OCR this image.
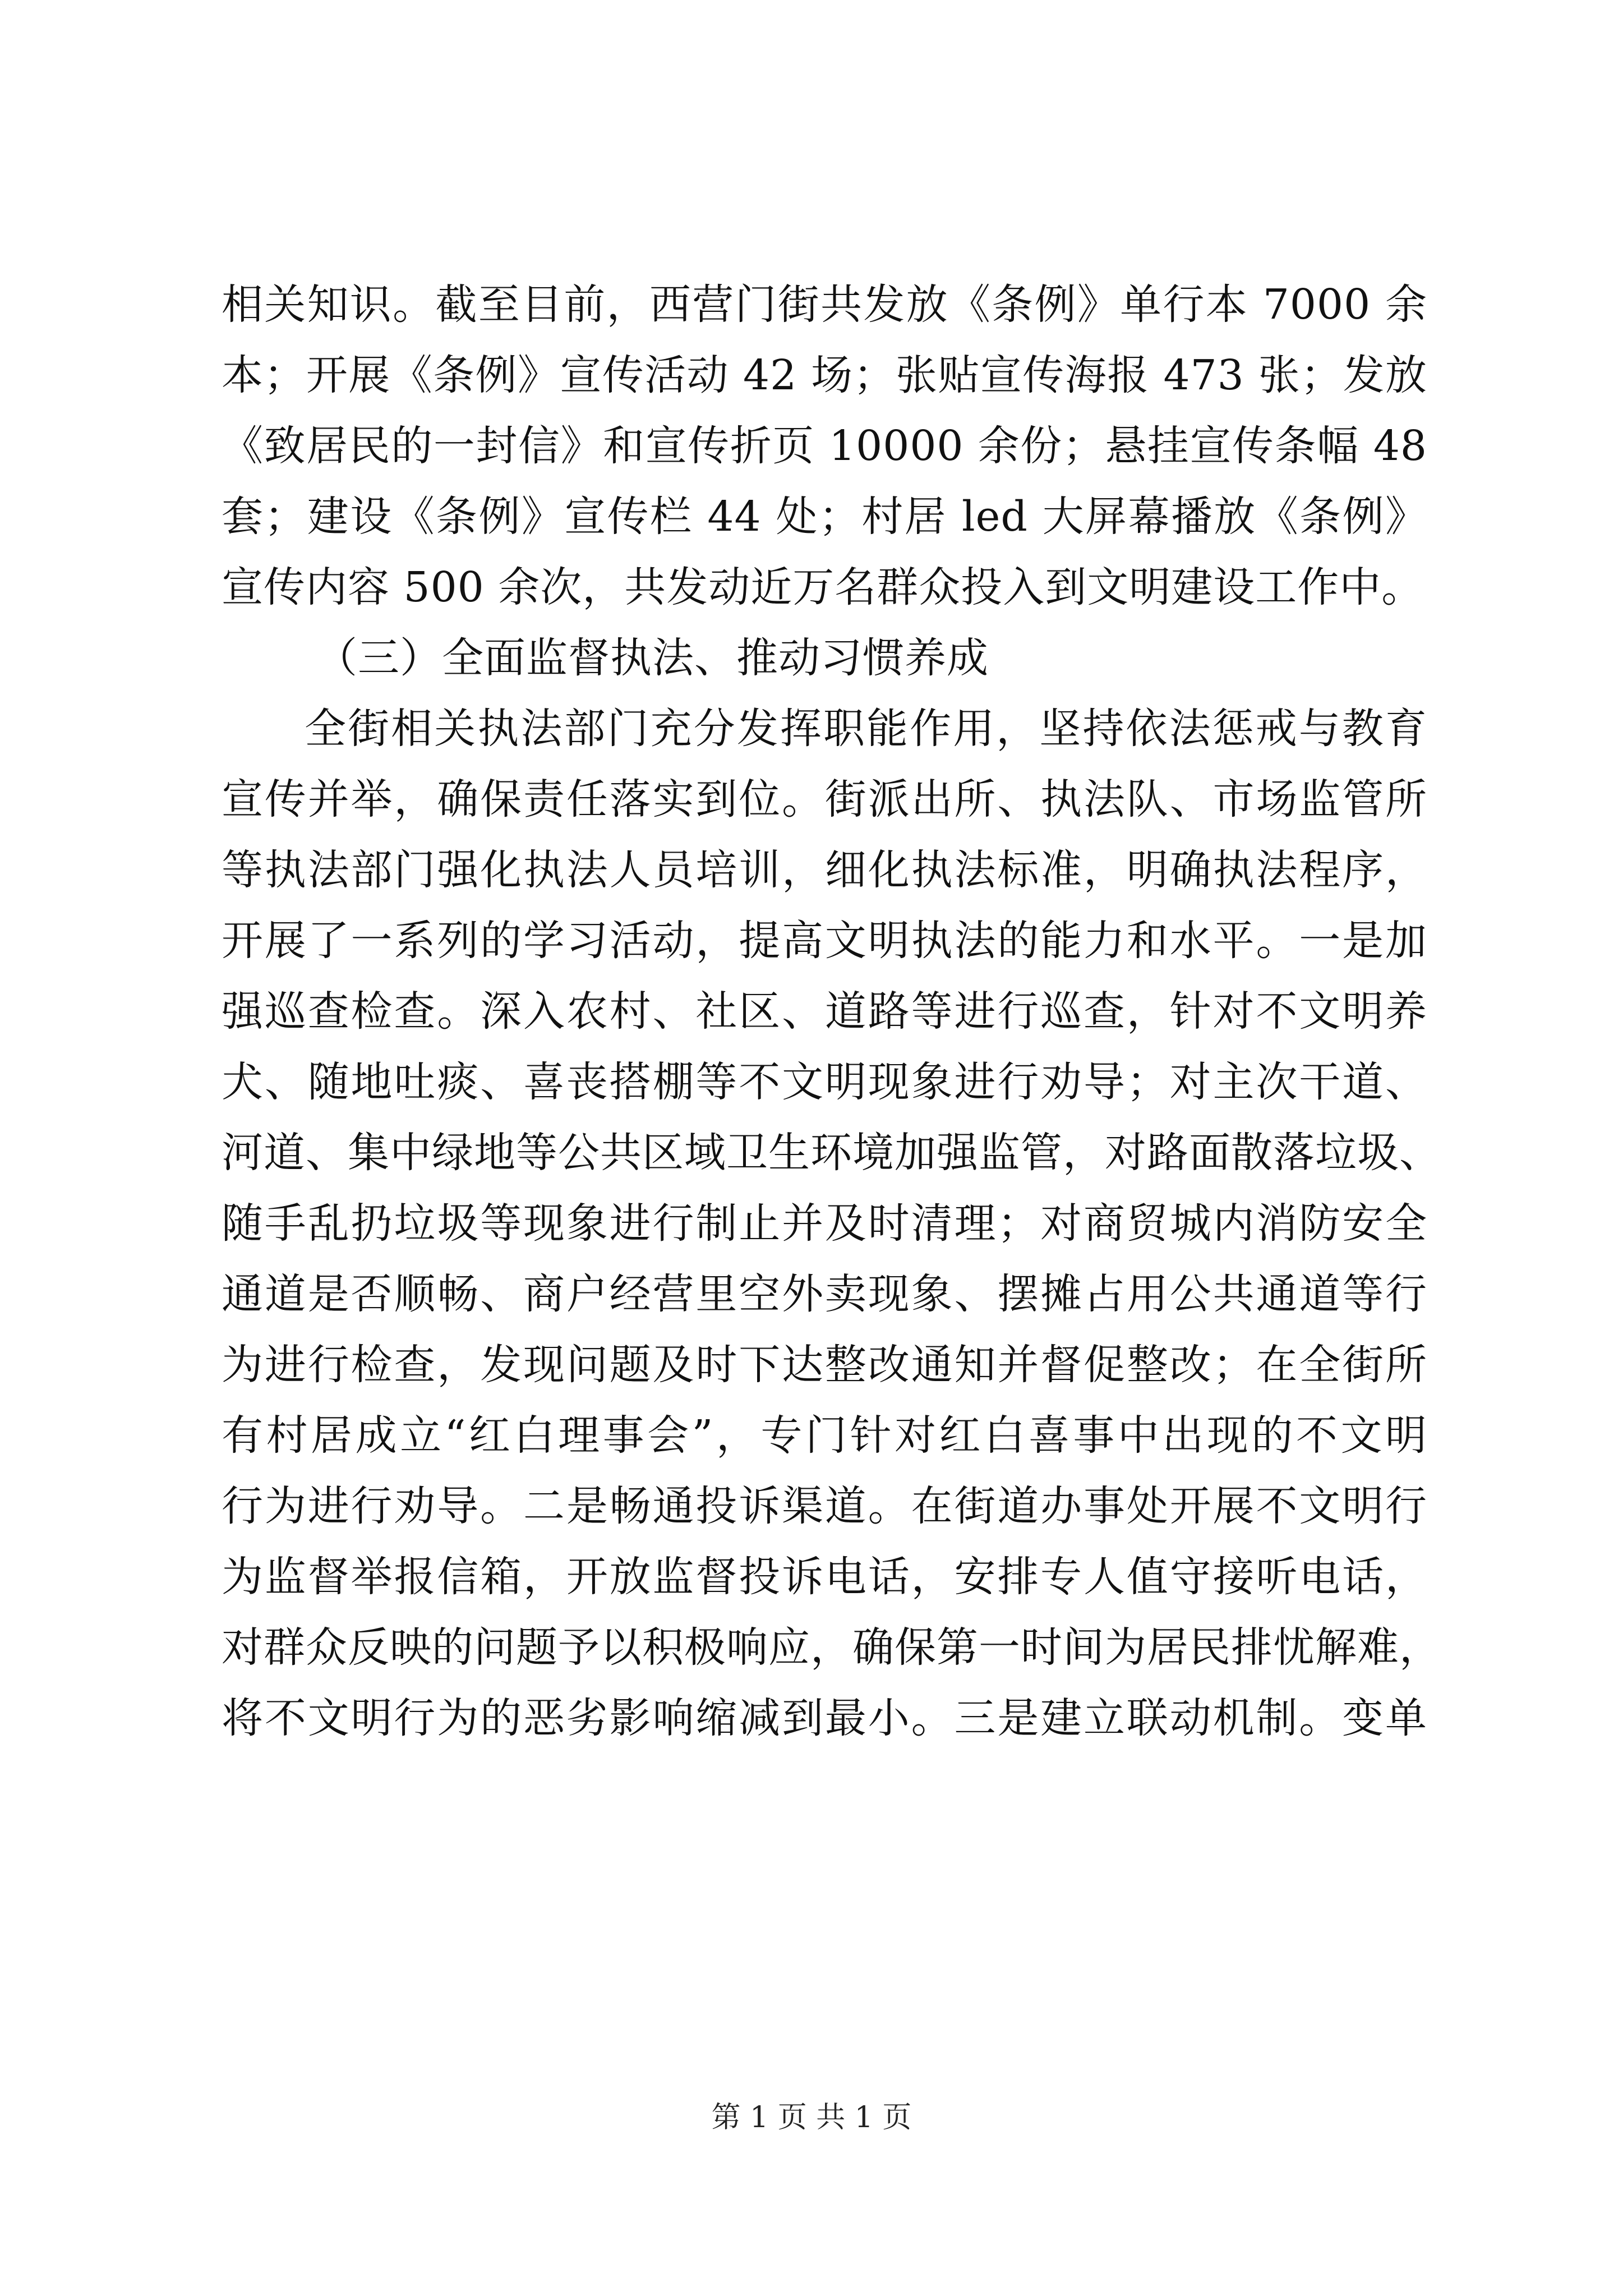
相关知识。截至目前，西营门街共发放《条例》单行本 7000 余
本；开展《条例》宣传活动 42 场；张贴宣传海报 473 张；发放
《致居民的一封信》和宣传折页 10000 余份；悬挂宣传条幅 48
套；建设《条例》宣传栏 44 处；村居 led 大屏幕播放《条例》
宣传内容 500 余次，共发动近万名群众投入到文明建设工作中。
（三）全面监督执法、推动习惯养成
全街相关执法部门充分发挥职能作用，坚持依法惩戒与教育
宣传并举，确保责任落实到位。街派出所、执法队、市场监管所
等执法部门强化执法人员培训，细化执法标准，明确执法程序，
开展了一系列的学习活动，提高文明执法的能力和水平。一是加
强巡查检查。深入农村、社区、道路等进行巡查，针对不文明养
犬、随地吐痰、喜丧搭棚等不文明现象进行劝导；对主次干道、
河道、集中绿地等公共区域卫生环境加强监管，对路面散落垃圾、
随手乱扔垃圾等现象进行制止并及时清理；对商贸城内消防安全
通道是否顺畅、商户经营里空外卖现象、摆摊占用公共通道等行
为进行检查，发现问题及时下达整改通知并督促整改；在全街所
有村居成立“红白理事会”，专门针对红白喜事中出现的不文明
行为进行劝导。二是畅通投诉渠道。在街道办事处开展不文明行
为监督举报信箱，开放监督投诉电话，安排专人值守接听电话，
对群众反映的问题予以积极响应，确保第一时间为居民排忧解难，
将不文明行为的恶劣影响缩减到最小。三是建立联动机制。变单
第 1 页 共 1 页
